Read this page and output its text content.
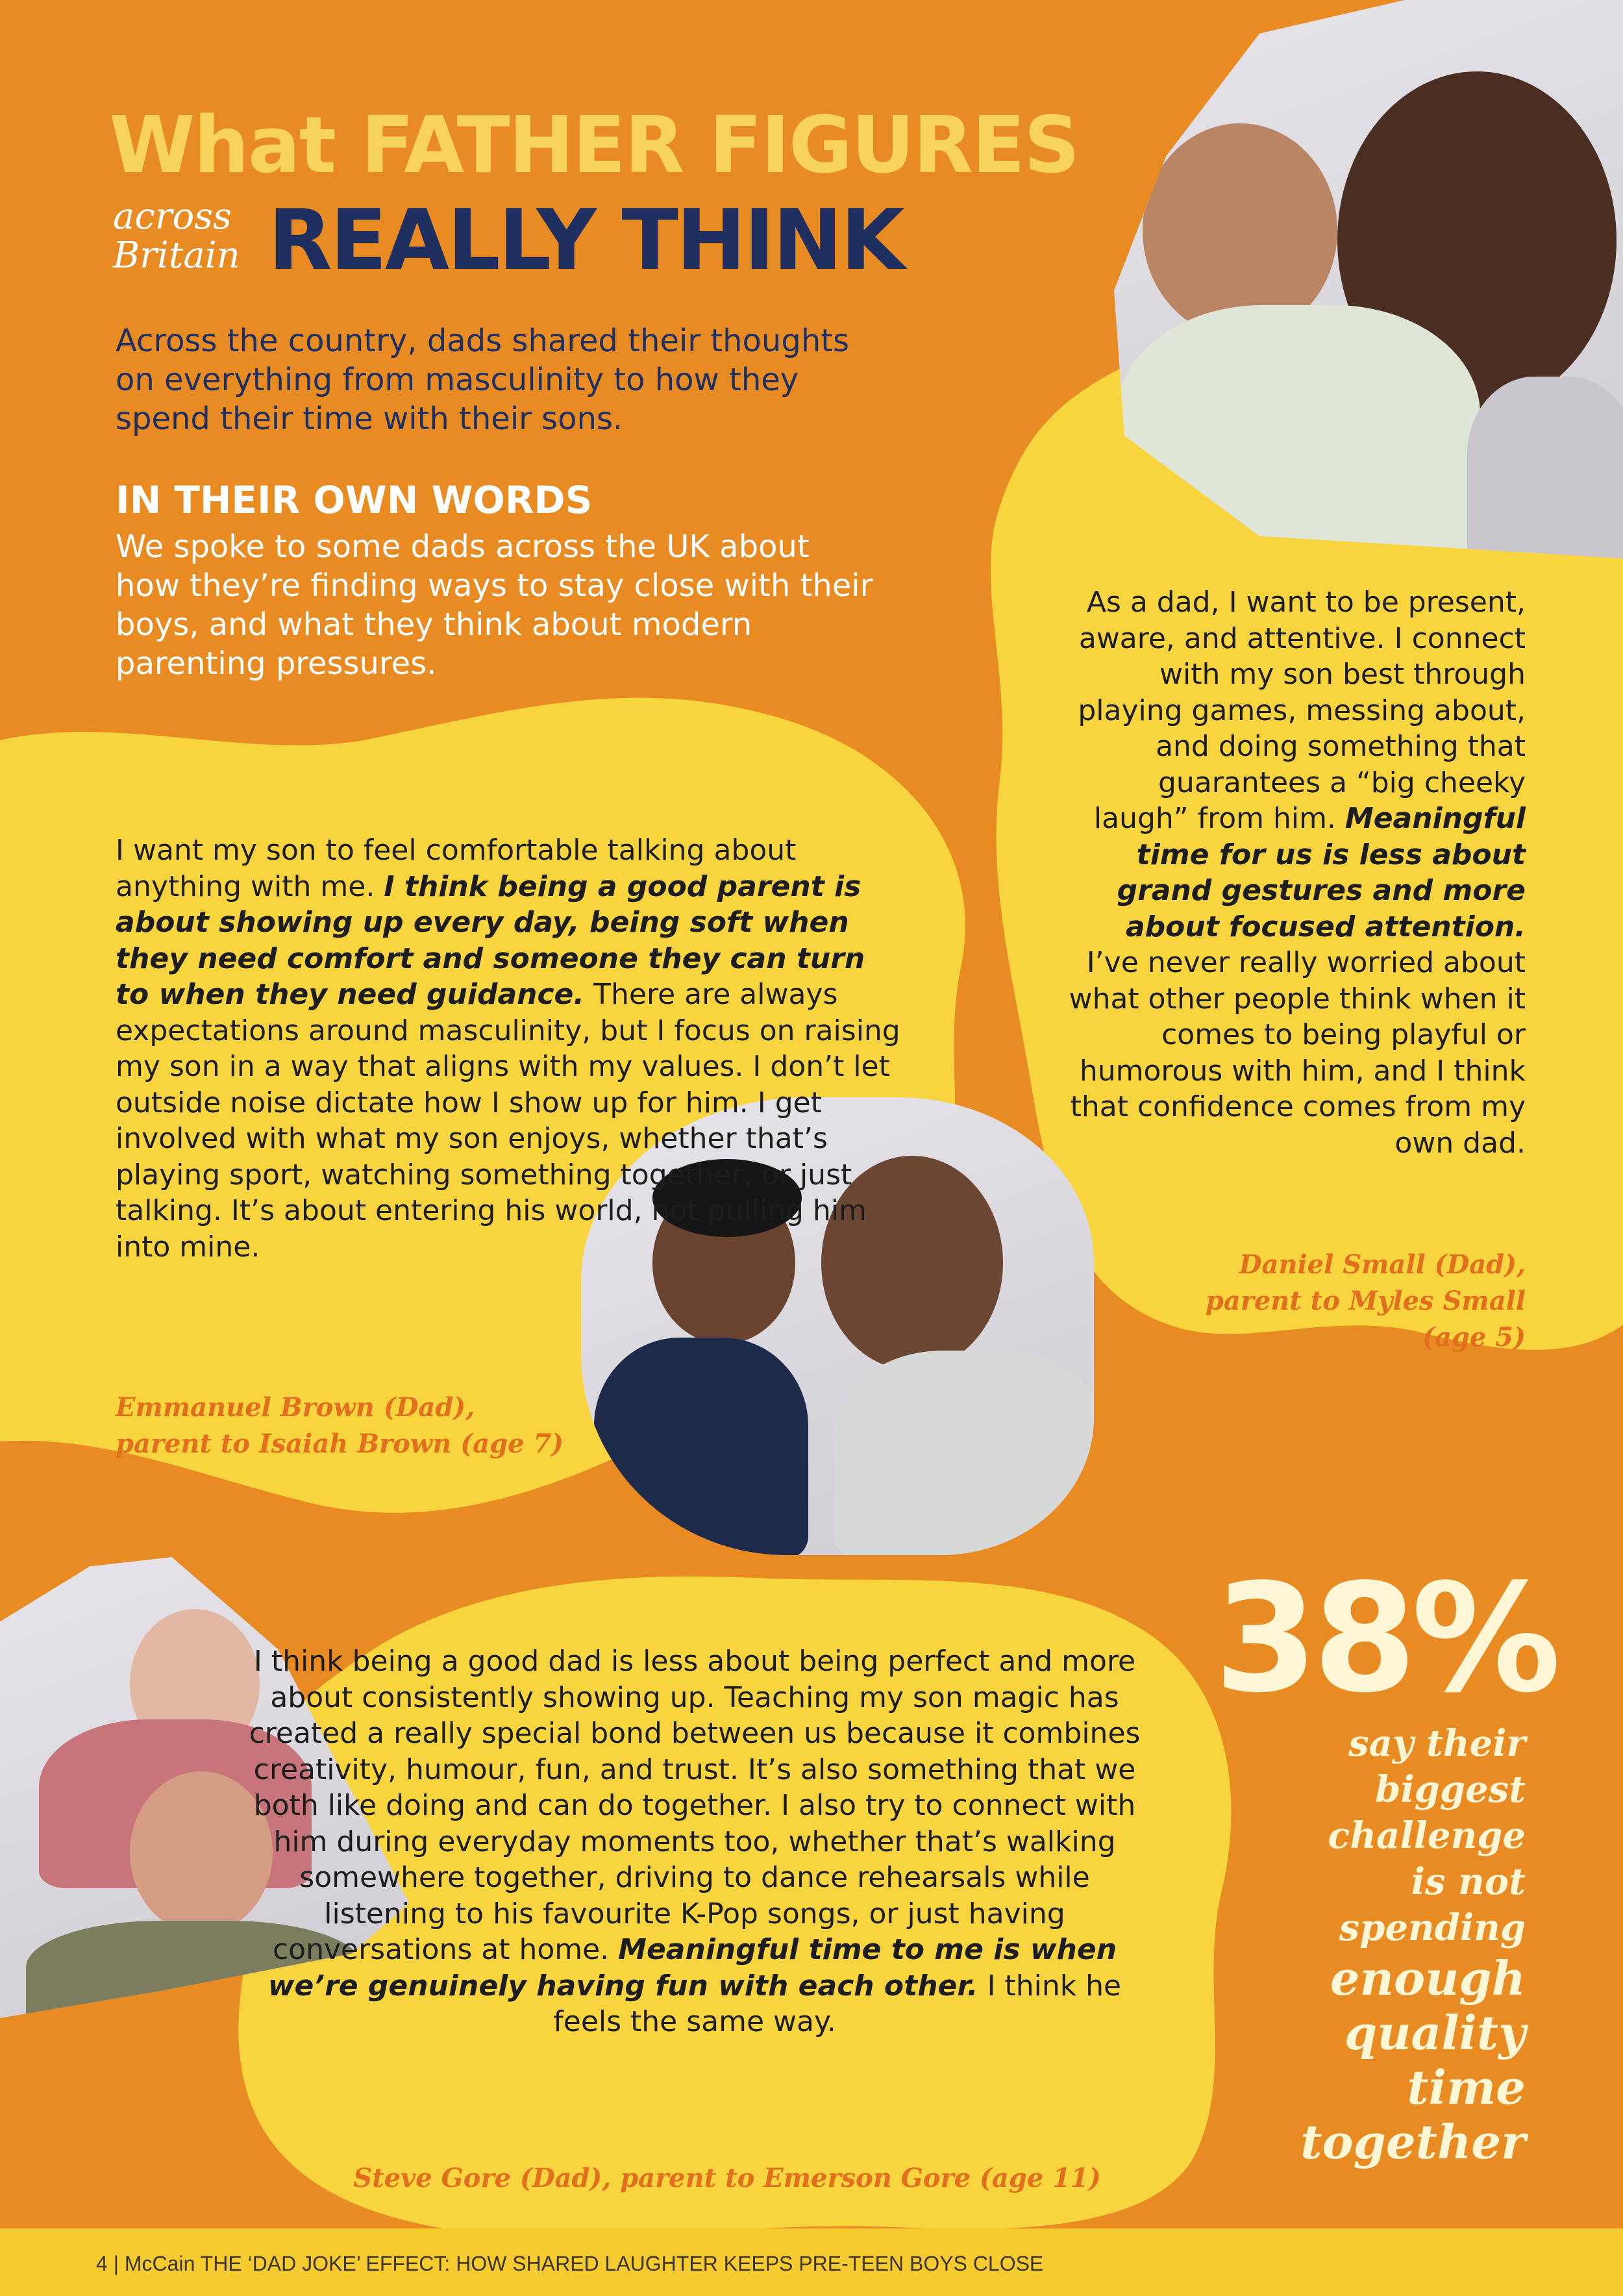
What FATHER FIGURES
across
Britain REALLY THINK
Across the country, dads shared their thoughts on everything from masculinity to how they spend their time with their sons.
IN THEIR OWN WORDS
We spoke to some dads across the UK about how they’re finding ways to stay close with their boys, and what they think about modern parenting pressures.
I want my son to feel comfortable talking about anything with me. I think being a good parent is about showing up every day, being soft when they need comfort and someone they can turn to when they need guidance. There are always expectations around masculinity, but I focus on raising my son in a way that aligns with my values. I don’t let outside noise dictate how I show up for him. I get involved with what my son enjoys, whether that’s playing sport, watching something together, or just talking. It’s about entering his world, not pulling him into mine.
Emmanuel Brown (Dad),
parent to Isaiah Brown (age 7)
As a dad, I want to be present, aware, and attentive. I connect with my son best through playing games, messing about, and doing something that guarantees a “big cheeky laugh” from him. Meaningful time for us is less about grand gestures and more about focused attention. I’ve never really worried about what other people think when it comes to being playful or humorous with him, and I think that confidence comes from my own dad.
Daniel Small (Dad),
parent to Myles Small
(age 5)
I think being a good dad is less about being perfect and more about consistently showing up. Teaching my son magic has created a really special bond between us because it combines creativity, humour, fun, and trust. It’s also something that we both like doing and can do together. I also try to connect with him during everyday moments too, whether that’s walking somewhere together, driving to dance rehearsals while listening to his favourite K-Pop songs, or just having conversations at home. Meaningful time to me is when we’re genuinely having fun with each other. I think he feels the same way.
Steve Gore (Dad), parent to Emerson Gore (age 11)
38%
say their
biggest
challenge
is not
spending
enough
quality
time
together
4 | McCain THE ‘DAD JOKE’ EFFECT: HOW SHARED LAUGHTER KEEPS PRE-TEEN BOYS CLOSE
